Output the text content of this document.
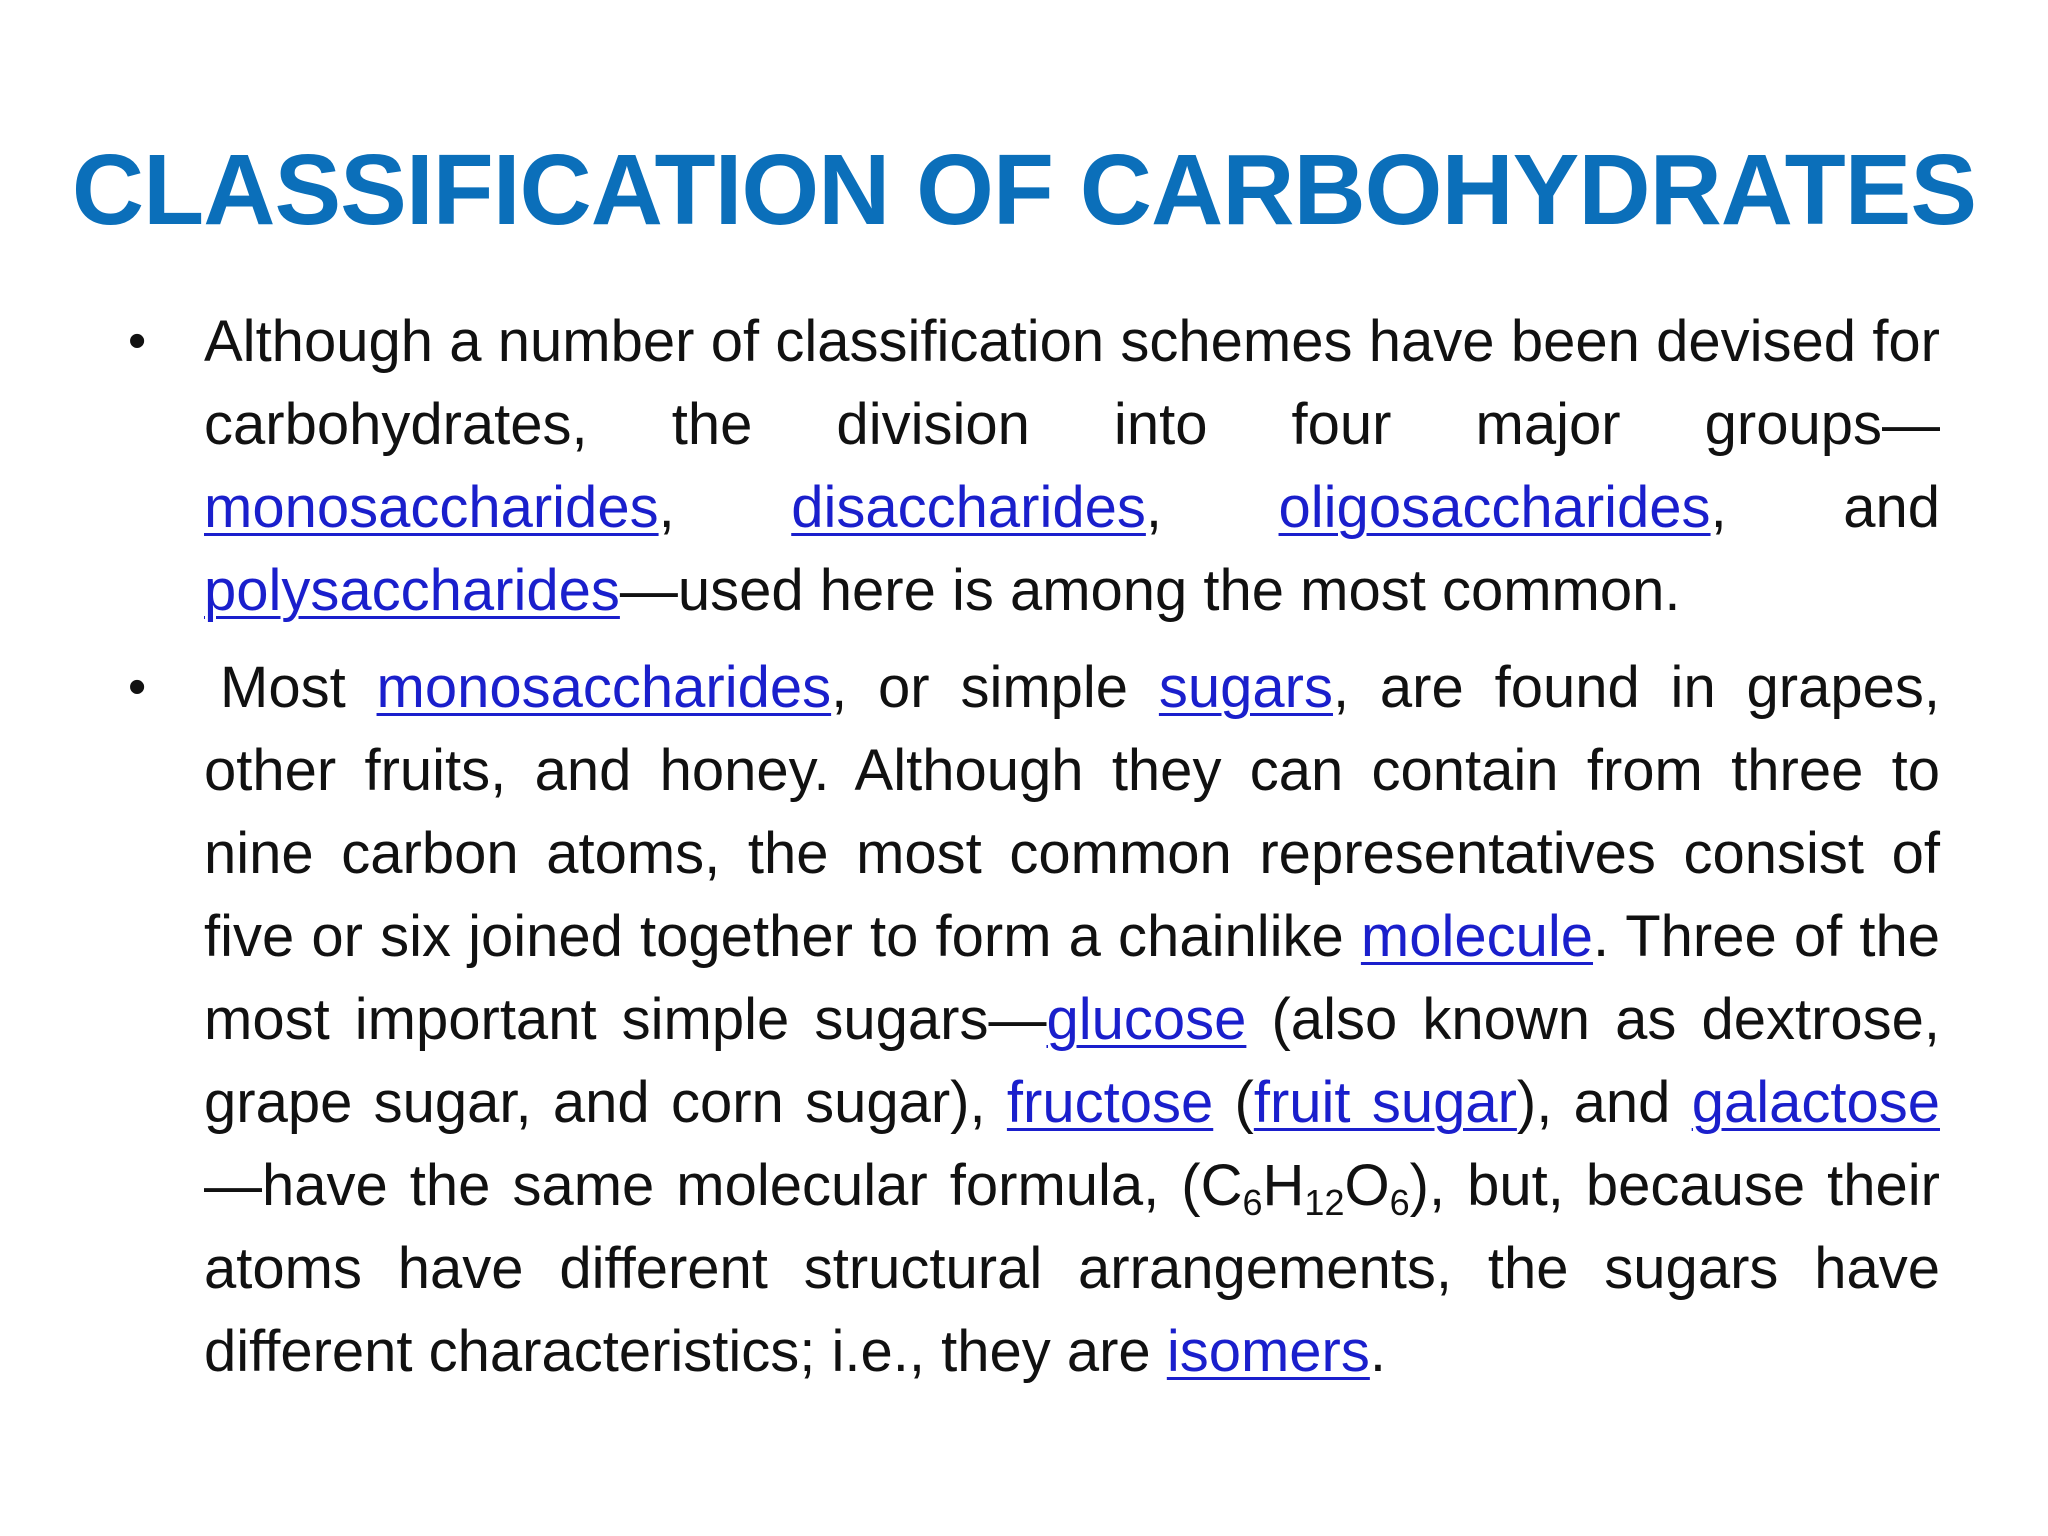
CLASSIFICATION OF CARBOHYDRATES
• Although a number of classification schemes have been devised for carbohydrates, the division into four major groups—monosaccharides, disaccharides, oligosaccharides, and polysaccharides—used here is among the most common.
•	Most monosaccharides, or simple sugars, are found in grapes, other fruits, and honey. Although they can contain from three to nine carbon atoms, the most common representatives consist of five or six joined together to form a chainlike molecule. Three of the most important simple sugars—glucose (also known as dextrose, grape sugar, and corn sugar), fructose (fruit sugar), and galactose—have the same molecular formula, $(C_6H_{12}O_6)$, but, because their atoms have different structural arrangements, the sugars have different characteristics; i.e., they are isomers.
